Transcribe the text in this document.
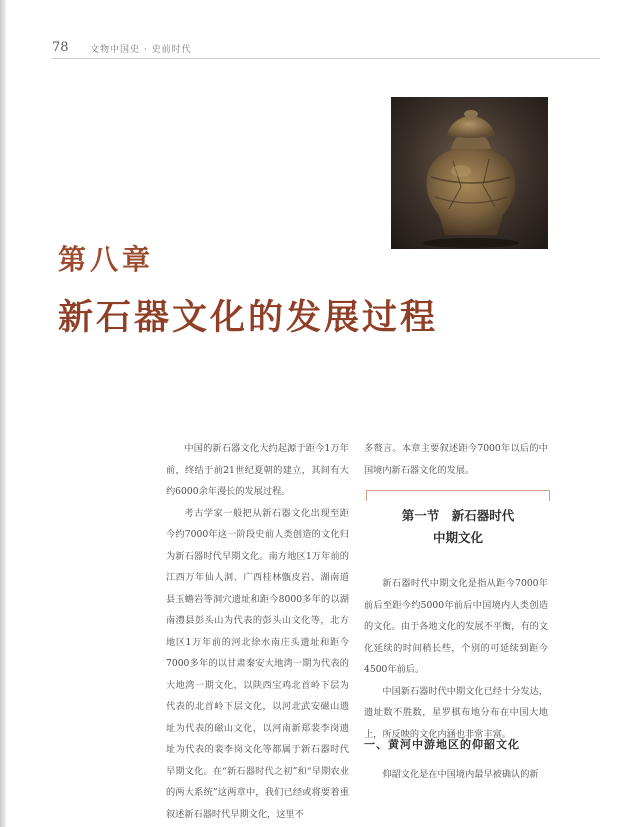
78 文物中国史 · 史前时代
第八章
新石器文化的发展过程

中国的新石器文化大约起源于距今1万年前，终结于前21世纪夏朝的建立，其间有大约6000余年漫长的发展过程。

考古学家一般把从新石器文化出现至距今约7000年这一阶段史前人类创造的文化归为新石器时代早期文化。南方地区1万年前的江西万年仙人洞、广西桂林甑皮岩、湖南道县玉蟾岩等洞穴遗址和距今8000多年的以湖南澧县彭头山为代表的彭头山文化等，北方地区1万年前的河北徐水南庄头遗址和距今7000多年的以甘肃秦安大地湾一期为代表的大地湾一期文化，以陕西宝鸡北首岭下层为代表的北首岭下层文化，以河北武安磁山遗址为代表的磁山文化，以河南新郑裴李岗遗址为代表的裴李岗文化等都属于新石器时代早期文化。在“新石器时代之初”和“早期农业的两大系统”这两章中，我们已经或将要着重叙述新石器时代早期文化，这里不

多赘言。本章主要叙述距今7000年以后的中国境内新石器文化的发展。

第一节　新石器时代
中期文化

新石器时代中期文化是指从距今7000年前后至距今约5000年前后中国境内人类创造的文化。由于各地文化的发展不平衡，有的文化延续的时间稍长些，个别的可延续到距今4500年前后。

中国新石器时代中期文化已经十分发达，遗址数不胜数，星罗棋布地分布在中国大地上，所反映的文化内涵也非常丰富。

一、黄河中游地区的仰韶文化

仰韶文化是在中国境内最早被确认的新
